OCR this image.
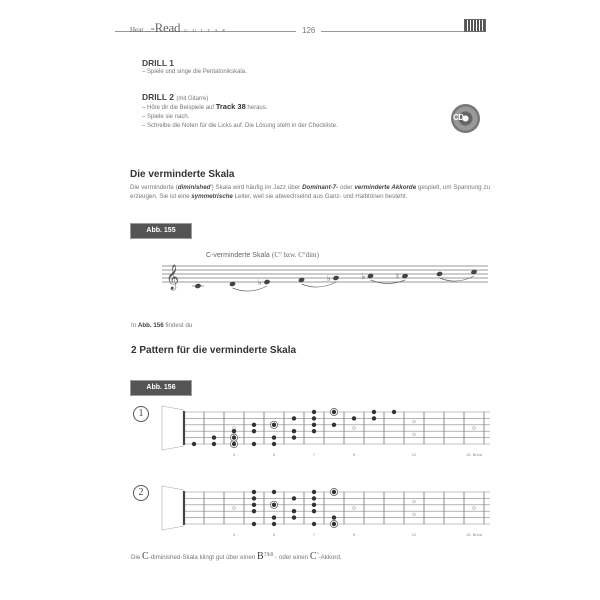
Hear ...-Read GUITAR	126
DRILL 1
– Spiele und singe die Pentatonikskala.
DRILL 2 (mit Gitarre)
– Höre dir die Beispiele auf Track 38 heraus.
– Spiele sie nach.
– Schreibe die Noten für die Licks auf. Die Lösung steht in der Checkliste.
CD
Die verminderte Skala
Die verminderte (diminished') Skala wird häufig im Jazz über Dominant-7- oder verminderte Akkorde gespielt, um Spannung zu erzeugen. Sie ist eine symmetrische Leiter, weil sie abwechselnd aus Ganz- und Halbtönen besteht.
Abb. 155
C-verminderte Skala (C° bzw. C°dim)
𝄞	♭	♭	♭	♮
In Abb. 156 findest du
2 Pattern für die verminderte Skala
Abb. 156
1
3	5	7	9	12	15. Bund
2
3	5	7	9	12	15. Bund
Die C-diminished-Skala klingt gut über einen $B^{7/b9}$ - oder einen C°-Akkord.
